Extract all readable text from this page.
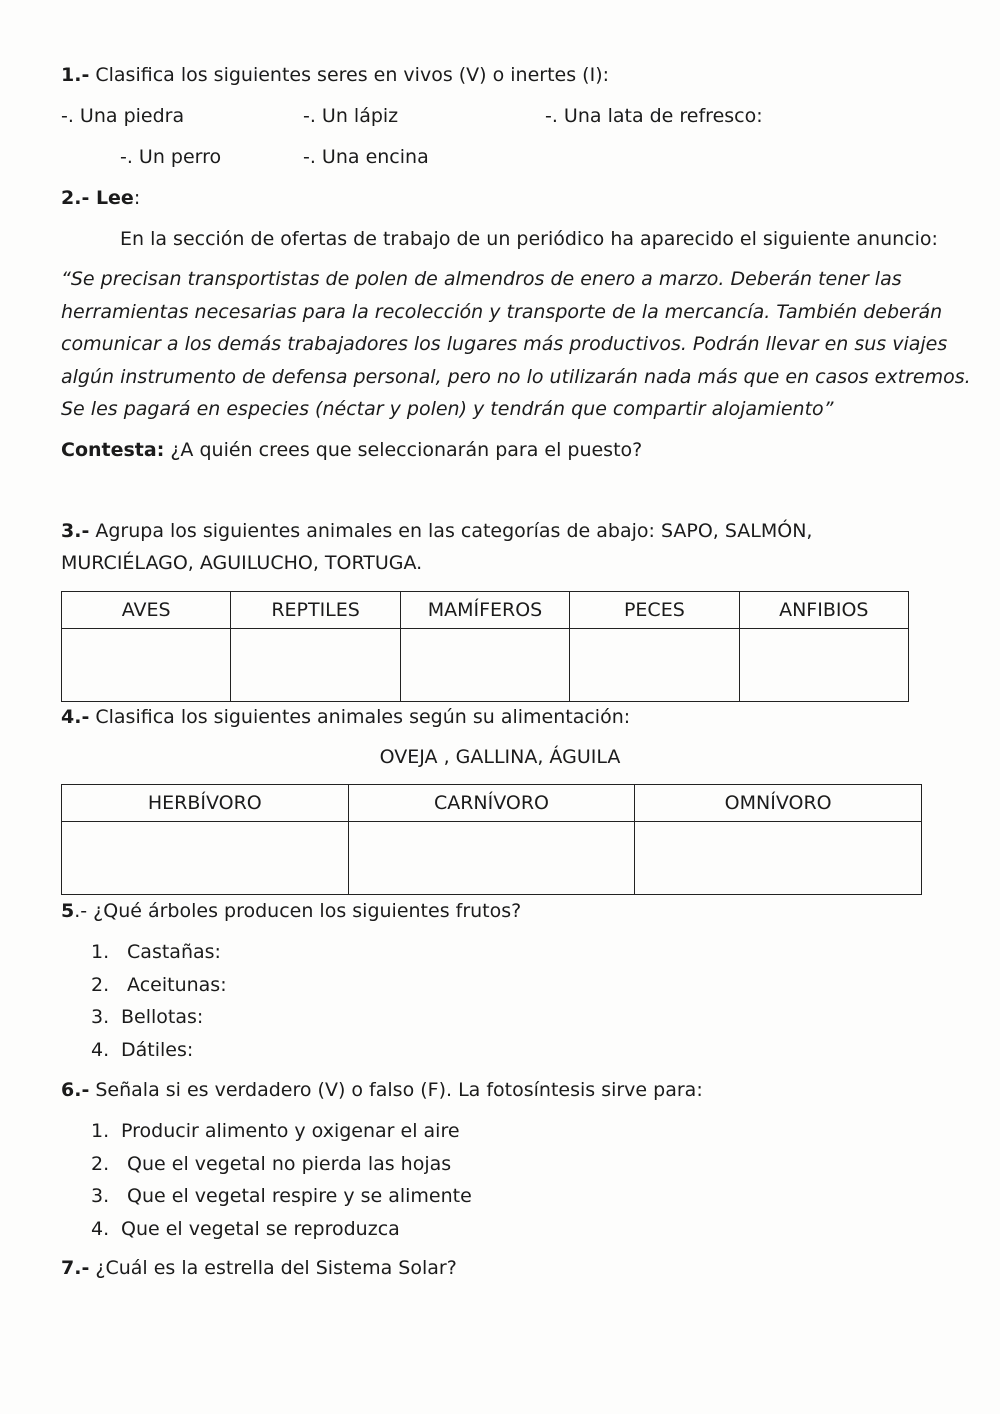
1.- Clasifica los siguientes seres en vivos (V) o inertes (I):
-. Una piedra	-. Un lápiz	-. Una lata de refresco:
-. Un perro	-. Una encina
2.- Lee:
En la sección de ofertas de trabajo de un periódico ha aparecido el siguiente anuncio:
“Se precisan transportistas de polen de almendros de enero a marzo. Deberán tener las
herramientas necesarias para la recolección y transporte de la mercancía. También deberán
comunicar a los demás trabajadores los lugares más productivos. Podrán llevar en sus viajes
algún instrumento de defensa personal, pero no lo utilizarán nada más que en casos extremos.
Se les pagará en especies (néctar y polen) y tendrán que compartir alojamiento”
Contesta: ¿A quién crees que seleccionarán para el puesto?
3.- Agrupa los siguientes animales en las categorías de abajo: SAPO, SALMÓN,
MURCIÉLAGO, AGUILUCHO, TORTUGA.
AVES	REPTILES	MAMÍFEROS	PECES	ANFIBIOS

4.- Clasifica los siguientes animales según su alimentación:
OVEJA , GALLINA, ÁGUILA
HERBÍVORO	CARNÍVORO	OMNÍVORO

5.- ¿Qué árboles producen los siguientes frutos?
1. Castañas:
2. Aceitunas:
3. Bellotas:
4. Dátiles:
6.- Señala si es verdadero (V) o falso (F). La fotosíntesis sirve para:
1. Producir alimento y oxigenar el aire
2. Que el vegetal no pierda las hojas
3. Que el vegetal respire y se alimente
4. Que el vegetal se reproduzca
7.- ¿Cuál es la estrella del Sistema Solar?
